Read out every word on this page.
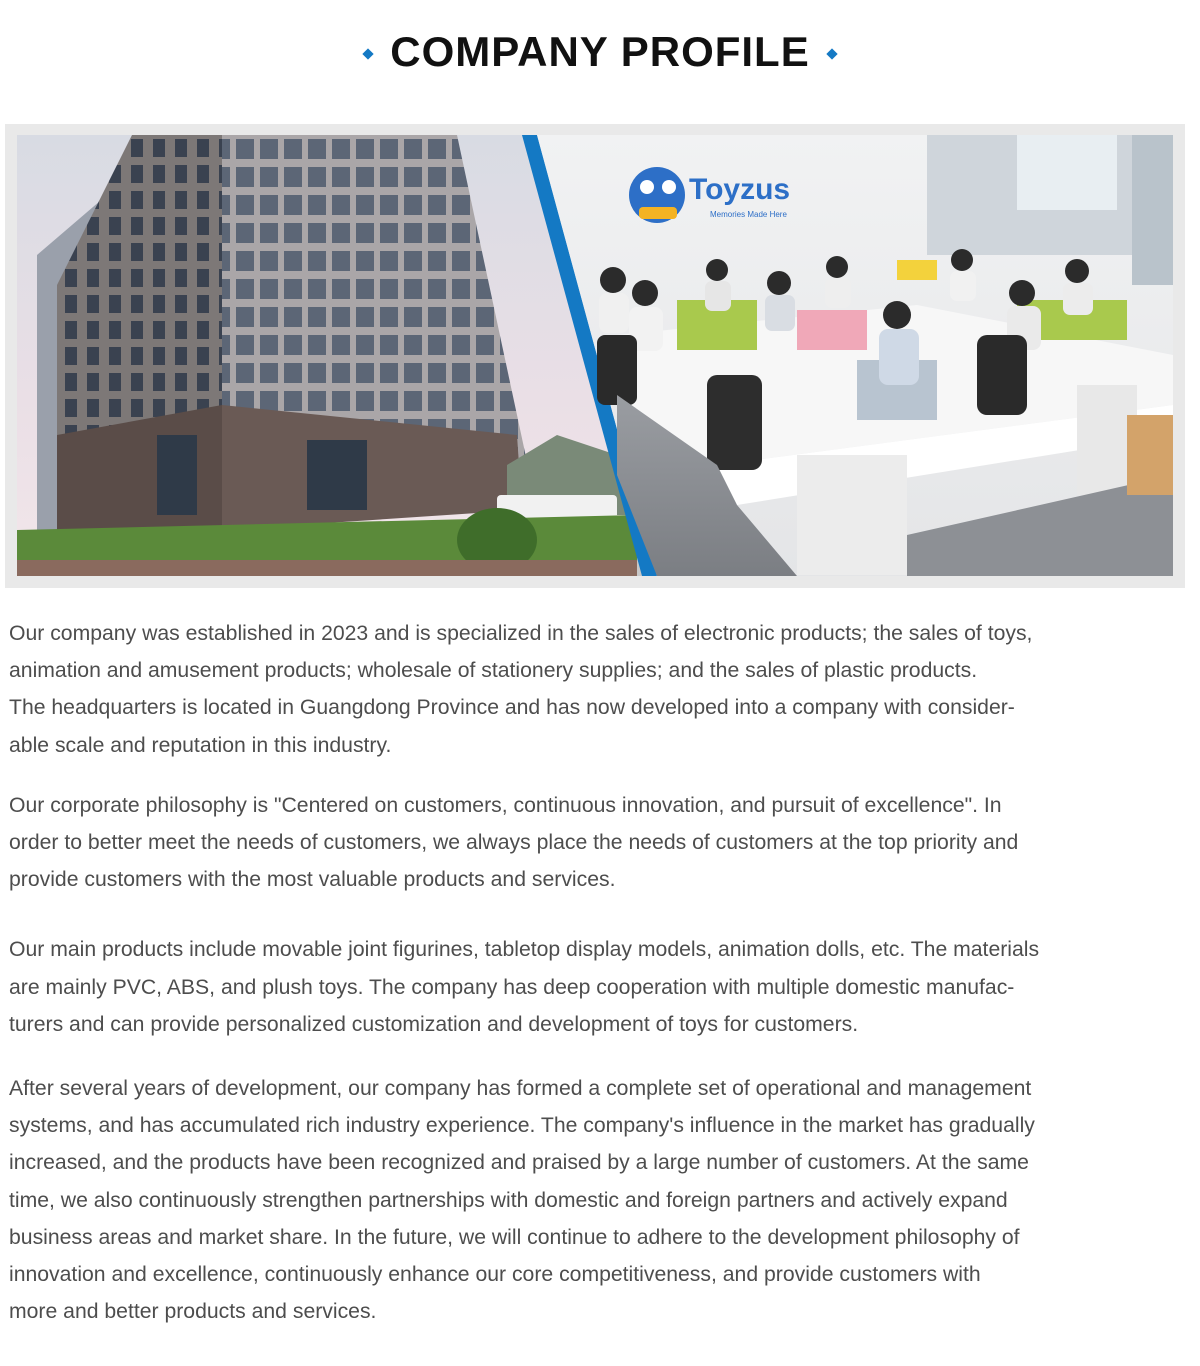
COMPANY PROFILE
Toyzus
Memories Made Here

Our company was established in 2023 and is specialized in the sales of electronic products; the sales of toys,
animation and amusement products; wholesale of stationery supplies; and the sales of plastic products.
The headquarters is located in Guangdong Province and has now developed into a company with consider-
able scale and reputation in this industry.

Our corporate philosophy is "Centered on customers, continuous innovation, and pursuit of excellence". In
order to better meet the needs of customers, we always place the needs of customers at the top priority and
provide customers with the most valuable products and services.

Our main products include movable joint figurines, tabletop display models, animation dolls, etc. The materials
are mainly PVC, ABS, and plush toys. The company has deep cooperation with multiple domestic manufac-
turers and can provide personalized customization and development of toys for customers.

After several years of development, our company has formed a complete set of operational and management
systems, and has accumulated rich industry experience. The company's influence in the market has gradually
increased, and the products have been recognized and praised by a large number of customers. At the same
time, we also continuously strengthen partnerships with domestic and foreign partners and actively expand
business areas and market share. In the future, we will continue to adhere to the development philosophy of
innovation and excellence, continuously enhance our core competitiveness, and provide customers with
more and better products and services.
